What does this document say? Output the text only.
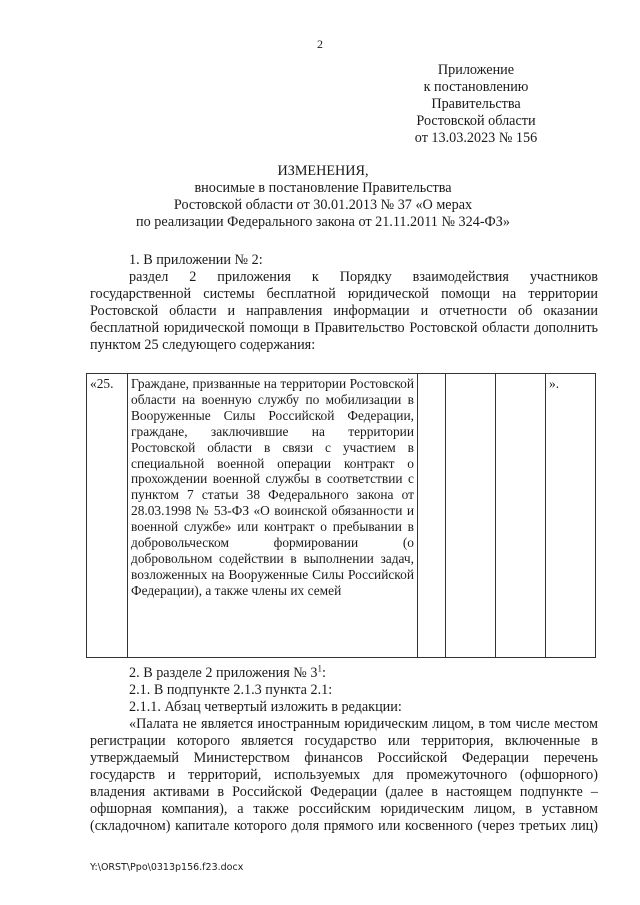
2
Приложение
к постановлению
Правительства
Ростовской области
от 13.03.2023 № 156
ИЗМЕНЕНИЯ,
вносимые в постановление Правительства
Ростовской области от 30.01.2013 № 37 «О мерах
по реализации Федерального закона от 21.11.2011 № 324-ФЗ»
1. В приложении № 2:
раздел 2 приложения к Порядку взаимодействия участников государственной системы бесплатной юридической помощи на территории Ростовской области и направления информации и отчетности об оказании бесплатной юридической помощи в Правительство Ростовской области дополнить пунктом 25 следующего содержания:
«25.	Граждане, призванные на территории Ростовской области на военную службу по мобилизации в Вооруженные Силы Российской Федерации, граждане, заключившие на территории Ростовской области в связи с участием в специальной военной операции контракт о прохождении военной службы в соответствии с пунктом 7 статьи 38 Федерального закона от 28.03.1998 № 53-ФЗ «О воинской обязанности и военной службе» или контракт о пребывании в добровольческом формировании (о добровольном содействии в выполнении задач, возложенных на Вооруженные Силы Российской Федерации), а также члены их семей				».	
2. В разделе 2 приложения № $3^1$:
2.1. В подпункте 2.1.3 пункта 2.1:
2.1.1. Абзац четвертый изложить в редакции:
«Палата не является иностранным юридическим лицом, в том числе местом регистрации которого является государство или территория, включенные в утверждаемый Министерством финансов Российской Федерации перечень государств и территорий, используемых для промежуточного (офшорного) владения активами в Российской Федерации (далее в настоящем подпункте – офшорная компания), а также российским юридическим лицом, в уставном (складочном) капитале которого доля прямого или косвенного (через третьих лиц)
Y:\ORST\Ppo\0313p156.f23.docx
